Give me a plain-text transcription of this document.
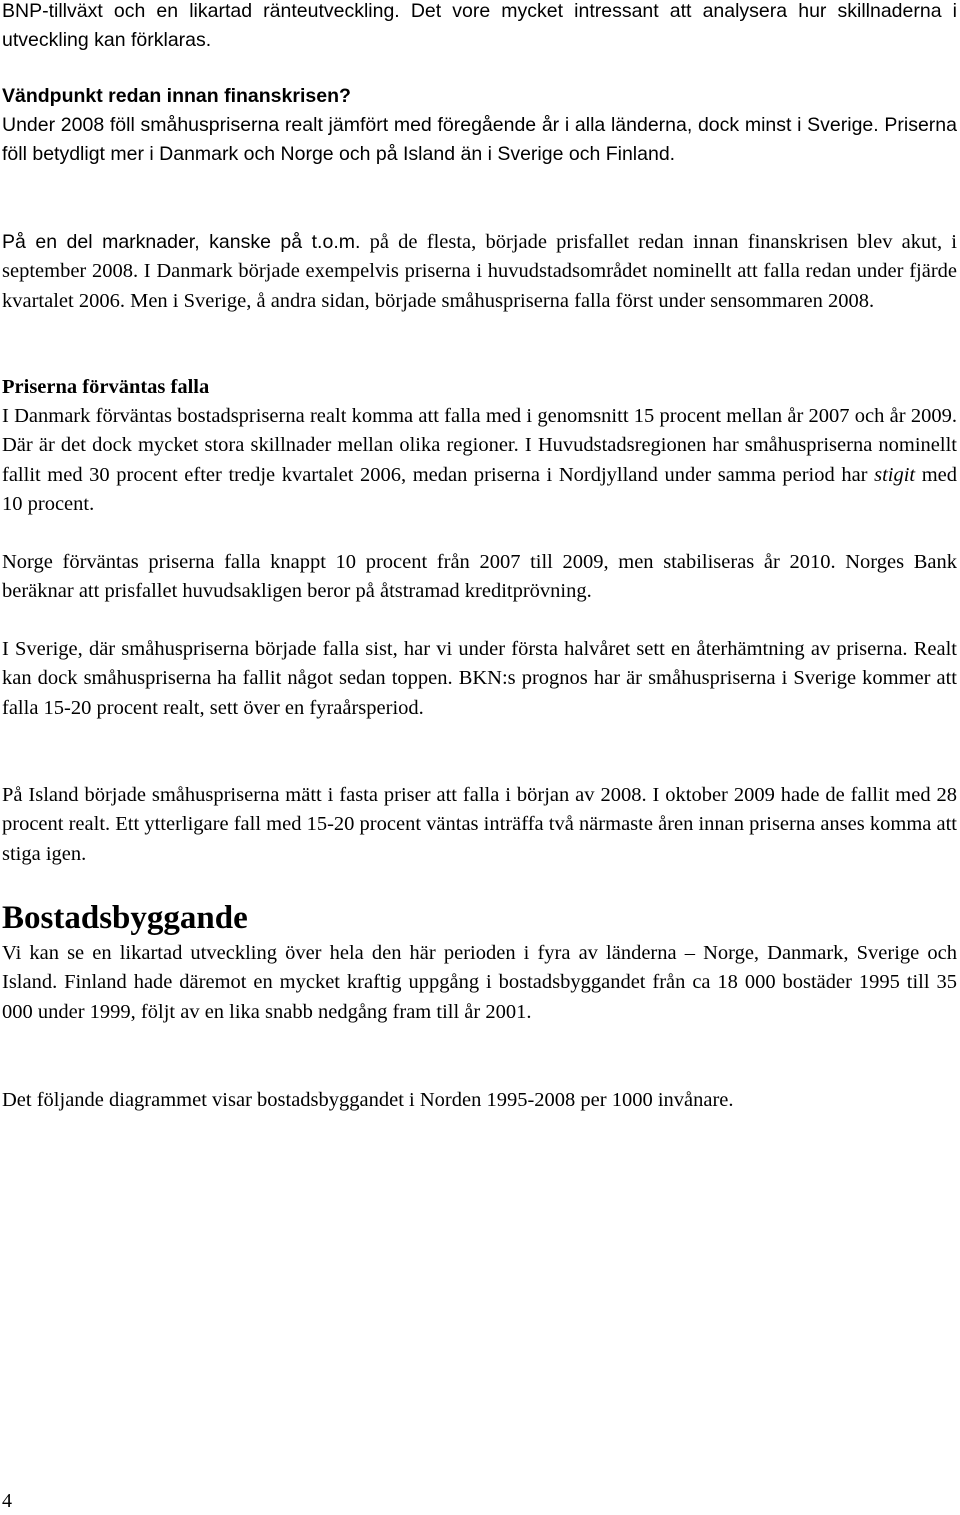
BNP-tillväxt och en likartad ränteutveckling. Det vore mycket intressant att analysera hur skillnaderna i utveckling kan förklaras.

Vändpunkt redan innan finanskrisen?

Under 2008 föll småhuspriserna realt jämfört med föregående år i alla länderna, dock minst i Sverige. Priserna föll betydligt mer i Danmark och Norge och på Island än i Sverige och Finland.

På en del marknader, kanske på t.o.m. på de flesta, började prisfallet redan innan finanskrisen blev akut, i september 2008. I Danmark började exempelvis priserna i huvudstadsområdet nominellt att falla redan under fjärde kvartalet 2006. Men i Sverige, å andra sidan, började småhuspriserna falla först under sensommaren 2008.

Priserna förväntas falla

I Danmark förväntas bostadspriserna realt komma att falla med i genomsnitt 15 procent mellan år 2007 och år 2009. Där är det dock mycket stora skillnader mellan olika regioner. I Huvudstadsregionen har småhuspriserna nominellt fallit med 30 procent efter tredje kvartalet 2006, medan priserna i Nordjylland under samma period har stigit med 10 procent.

Norge förväntas priserna falla knappt 10 procent från 2007 till 2009, men stabiliseras år 2010. Norges Bank beräknar att prisfallet huvudsakligen beror på åtstramad kreditprövning.

I Sverige, där småhuspriserna började falla sist, har vi under första halvåret sett en återhämtning av priserna. Realt kan dock småhuspriserna ha fallit något sedan toppen. BKN:s prognos har är småhuspriserna i Sverige kommer att falla 15-20 procent realt, sett över en fyraårsperiod.

På Island började småhuspriserna mätt i fasta priser att falla i början av 2008. I oktober 2009 hade de fallit med 28 procent realt. Ett ytterligare fall med 15-20 procent väntas inträffa två närmaste åren innan priserna anses komma att stiga igen.

Bostadsbyggande

Vi kan se en likartad utveckling över hela den här perioden i fyra av länderna – Norge, Danmark, Sverige och Island. Finland hade däremot en mycket kraftig uppgång i bostadsbyggandet från ca 18 000 bostäder 1995 till 35 000 under 1999, följt av en lika snabb nedgång fram till år 2001.

Det följande diagrammet visar bostadsbyggandet i Norden 1995-2008 per 1000 invånare.

4
